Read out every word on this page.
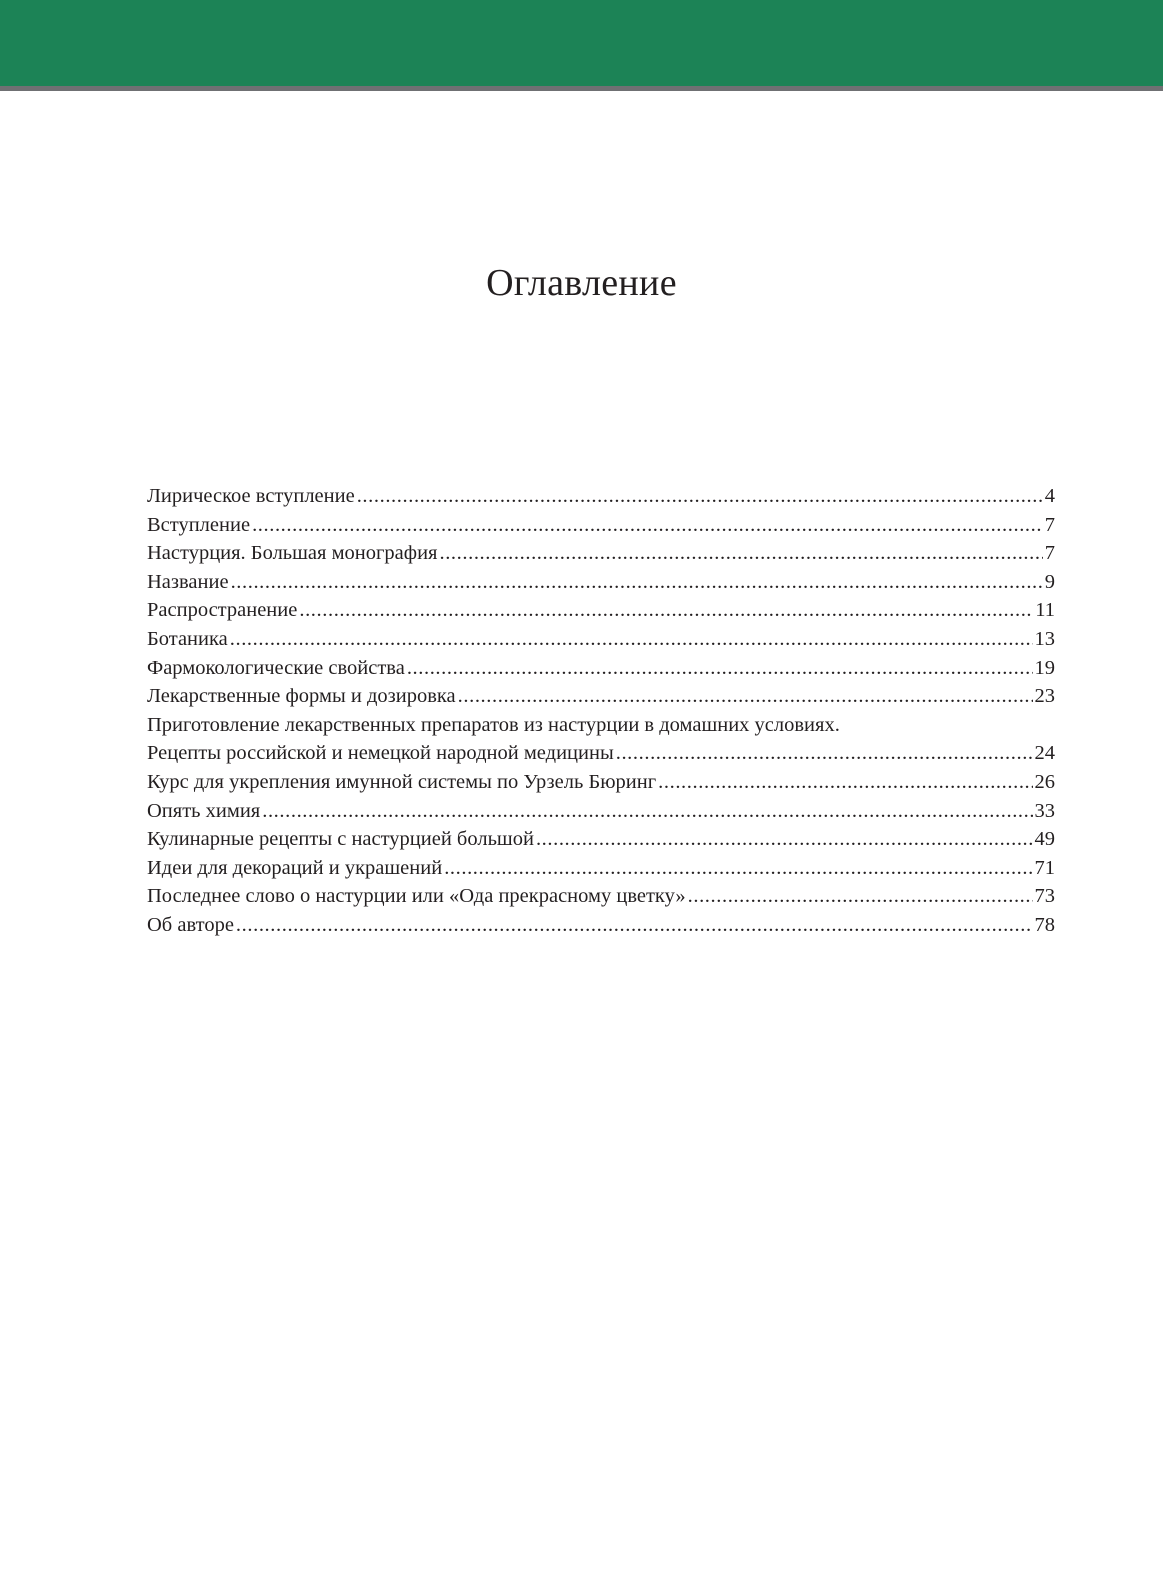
Оглавление
Лирическое вступление .....	4
Вступление .....	7
Настурция. Большая монография .....	7
Название .....	9
Распространение .....	11
Ботаника .....	13
Фармокологические свойства .....	19
Лекарственные формы и дозировка .....	23
Приготовление лекарственных препаратов из настурции в домашних условиях.
Рецепты российской и немецкой народной медицины .....	24
Курс для укрепления имунной системы по Урзель Бюринг .....	26
Опять химия .....	33
Кулинарные рецепты с настурцией большой .....	49
Идеи для декораций и украшений .....	71
Последнее слово о настурции или «Ода прекрасному цветку» .....	73
Об авторе .....	78
